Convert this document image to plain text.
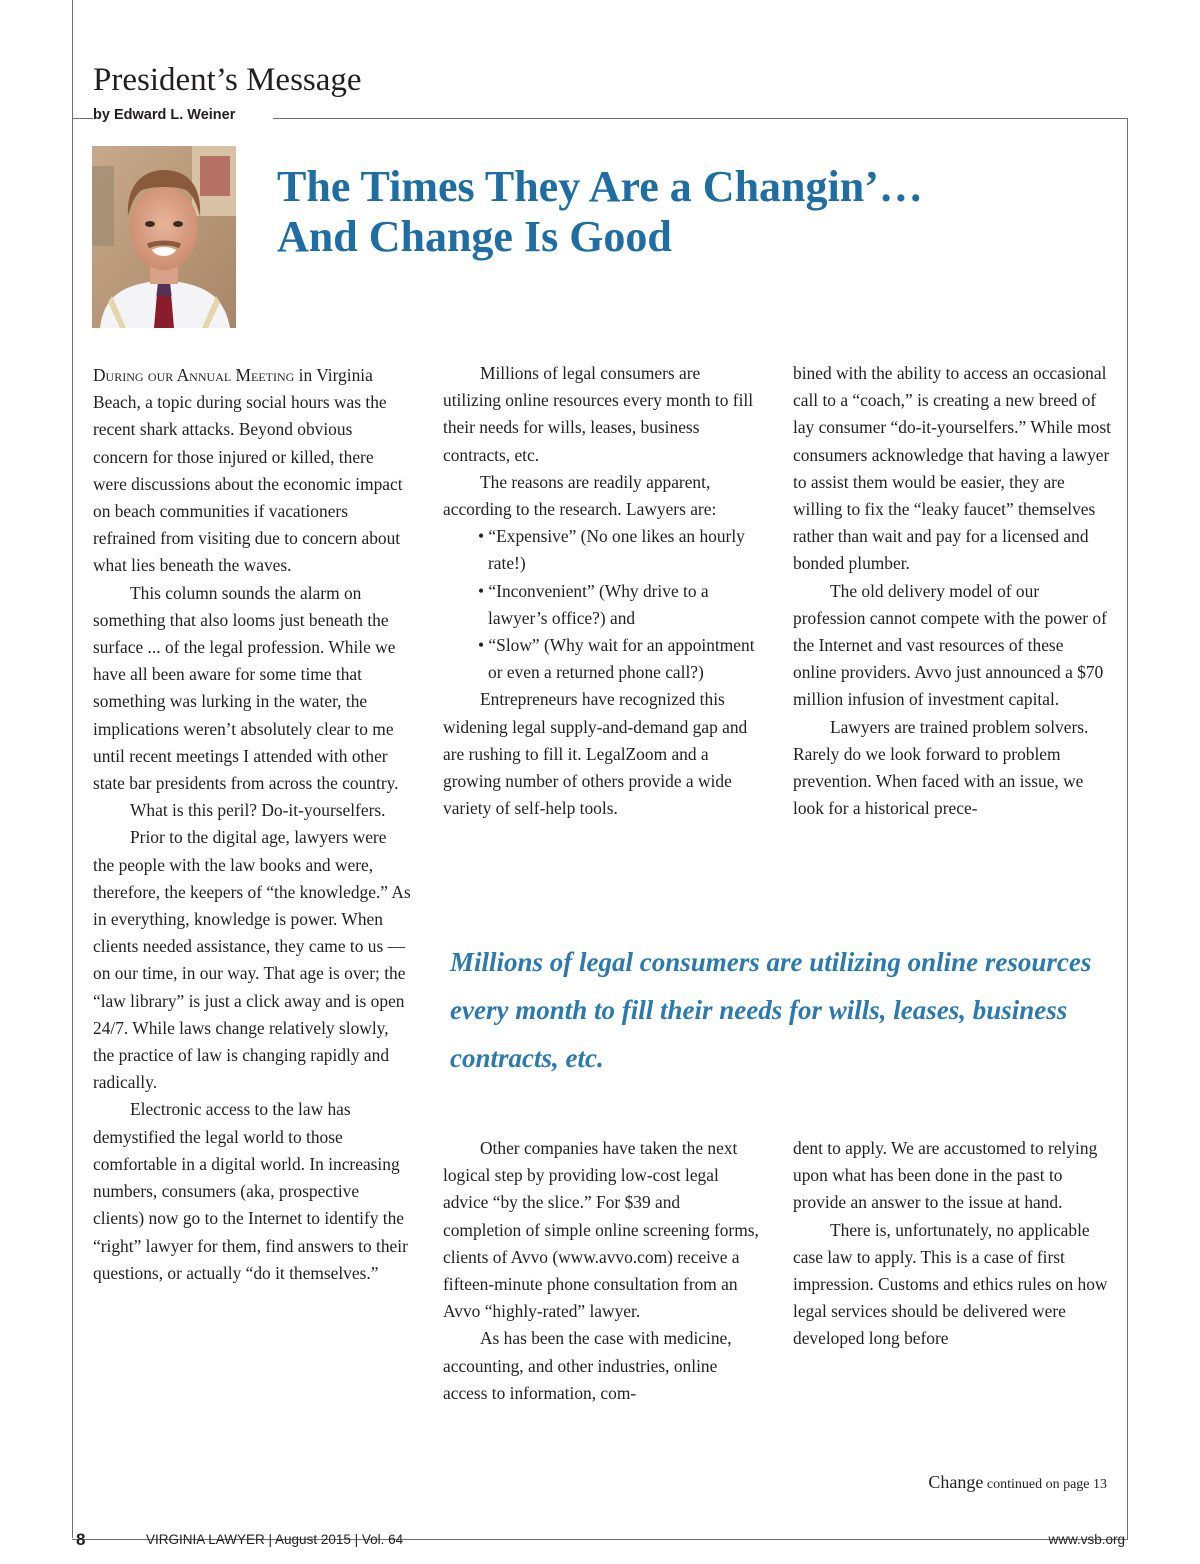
President’s Message
by Edward L. Weiner
The Times They Are a Changin’…
And Change Is Good

During our Annual Meeting in Virginia Beach, a topic during social hours was the recent shark attacks. Beyond obvious concern for those injured or killed, there were discussions about the economic impact on beach communities if vacationers refrained from visiting due to concern about what lies beneath the waves.

This column sounds the alarm on something that also looms just beneath the surface ... of the legal profession. While we have all been aware for some time that something was lurking in the water, the implications weren’t absolutely clear to me until recent meetings I attended with other state bar presidents from across the country.

What is this peril? Do-it-yourselfers.

Prior to the digital age, lawyers were the people with the law books and were, therefore, the keepers of “the knowledge.” As in everything, knowledge is power. When clients needed assistance, they came to us — on our time, in our way. That age is over; the “law library” is just a click away and is open 24/7. While laws change relatively slowly, the practice of law is changing rapidly and radically.

Electronic access to the law has demystified the legal world to those comfortable in a digital world. In increasing numbers, consumers (aka, prospective clients) now go to the Internet to identify the “right” lawyer for them, find answers to their questions, or actually “do it themselves.”

Millions of legal consumers are utilizing online resources every month to fill their needs for wills, leases, business contracts, etc.

The reasons are readily apparent, according to the research. Lawyers are:

• “Expensive” (No one likes an hourly rate!)
• “Inconvenient” (Why drive to a lawyer’s office?) and
• “Slow” (Why wait for an appointment or even a returned phone call?)

Entrepreneurs have recognized this widening legal supply-and-demand gap and are rushing to fill it. LegalZoom and a growing number of others provide a wide variety of self-help tools.

bined with the ability to access an occasional call to a “coach,” is creating a new breed of lay consumer “do-it-yourselfers.” While most consumers acknowledge that having a lawyer to assist them would be easier, they are willing to fix the “leaky faucet” themselves rather than wait and pay for a licensed and bonded plumber.

The old delivery model of our profession cannot compete with the power of the Internet and vast resources of these online providers. Avvo just announced a $70 million infusion of investment capital.

Lawyers are trained problem solvers. Rarely do we look forward to problem prevention. When faced with an issue, we look for a historical prece-

Millions of legal consumers are utilizing online resources every month to fill their needs for wills, leases, business contracts, etc.

Other companies have taken the next logical step by providing low-cost legal advice “by the slice.” For $39 and completion of simple online screening forms, clients of Avvo (www.avvo.com) receive a fifteen-minute phone consultation from an Avvo “highly-rated” lawyer.

As has been the case with medicine, accounting, and other industries, online access to information, com-

dent to apply. We are accustomed to relying upon what has been done in the past to provide an answer to the issue at hand.

There is, unfortunately, no applicable case law to apply. This is a case of first impression. Customs and ethics rules on how legal services should be delivered were developed long before

Change continued on page 13
8	VIRGINIA LAWYER | August 2015 | Vol. 64	www.vsb.org
